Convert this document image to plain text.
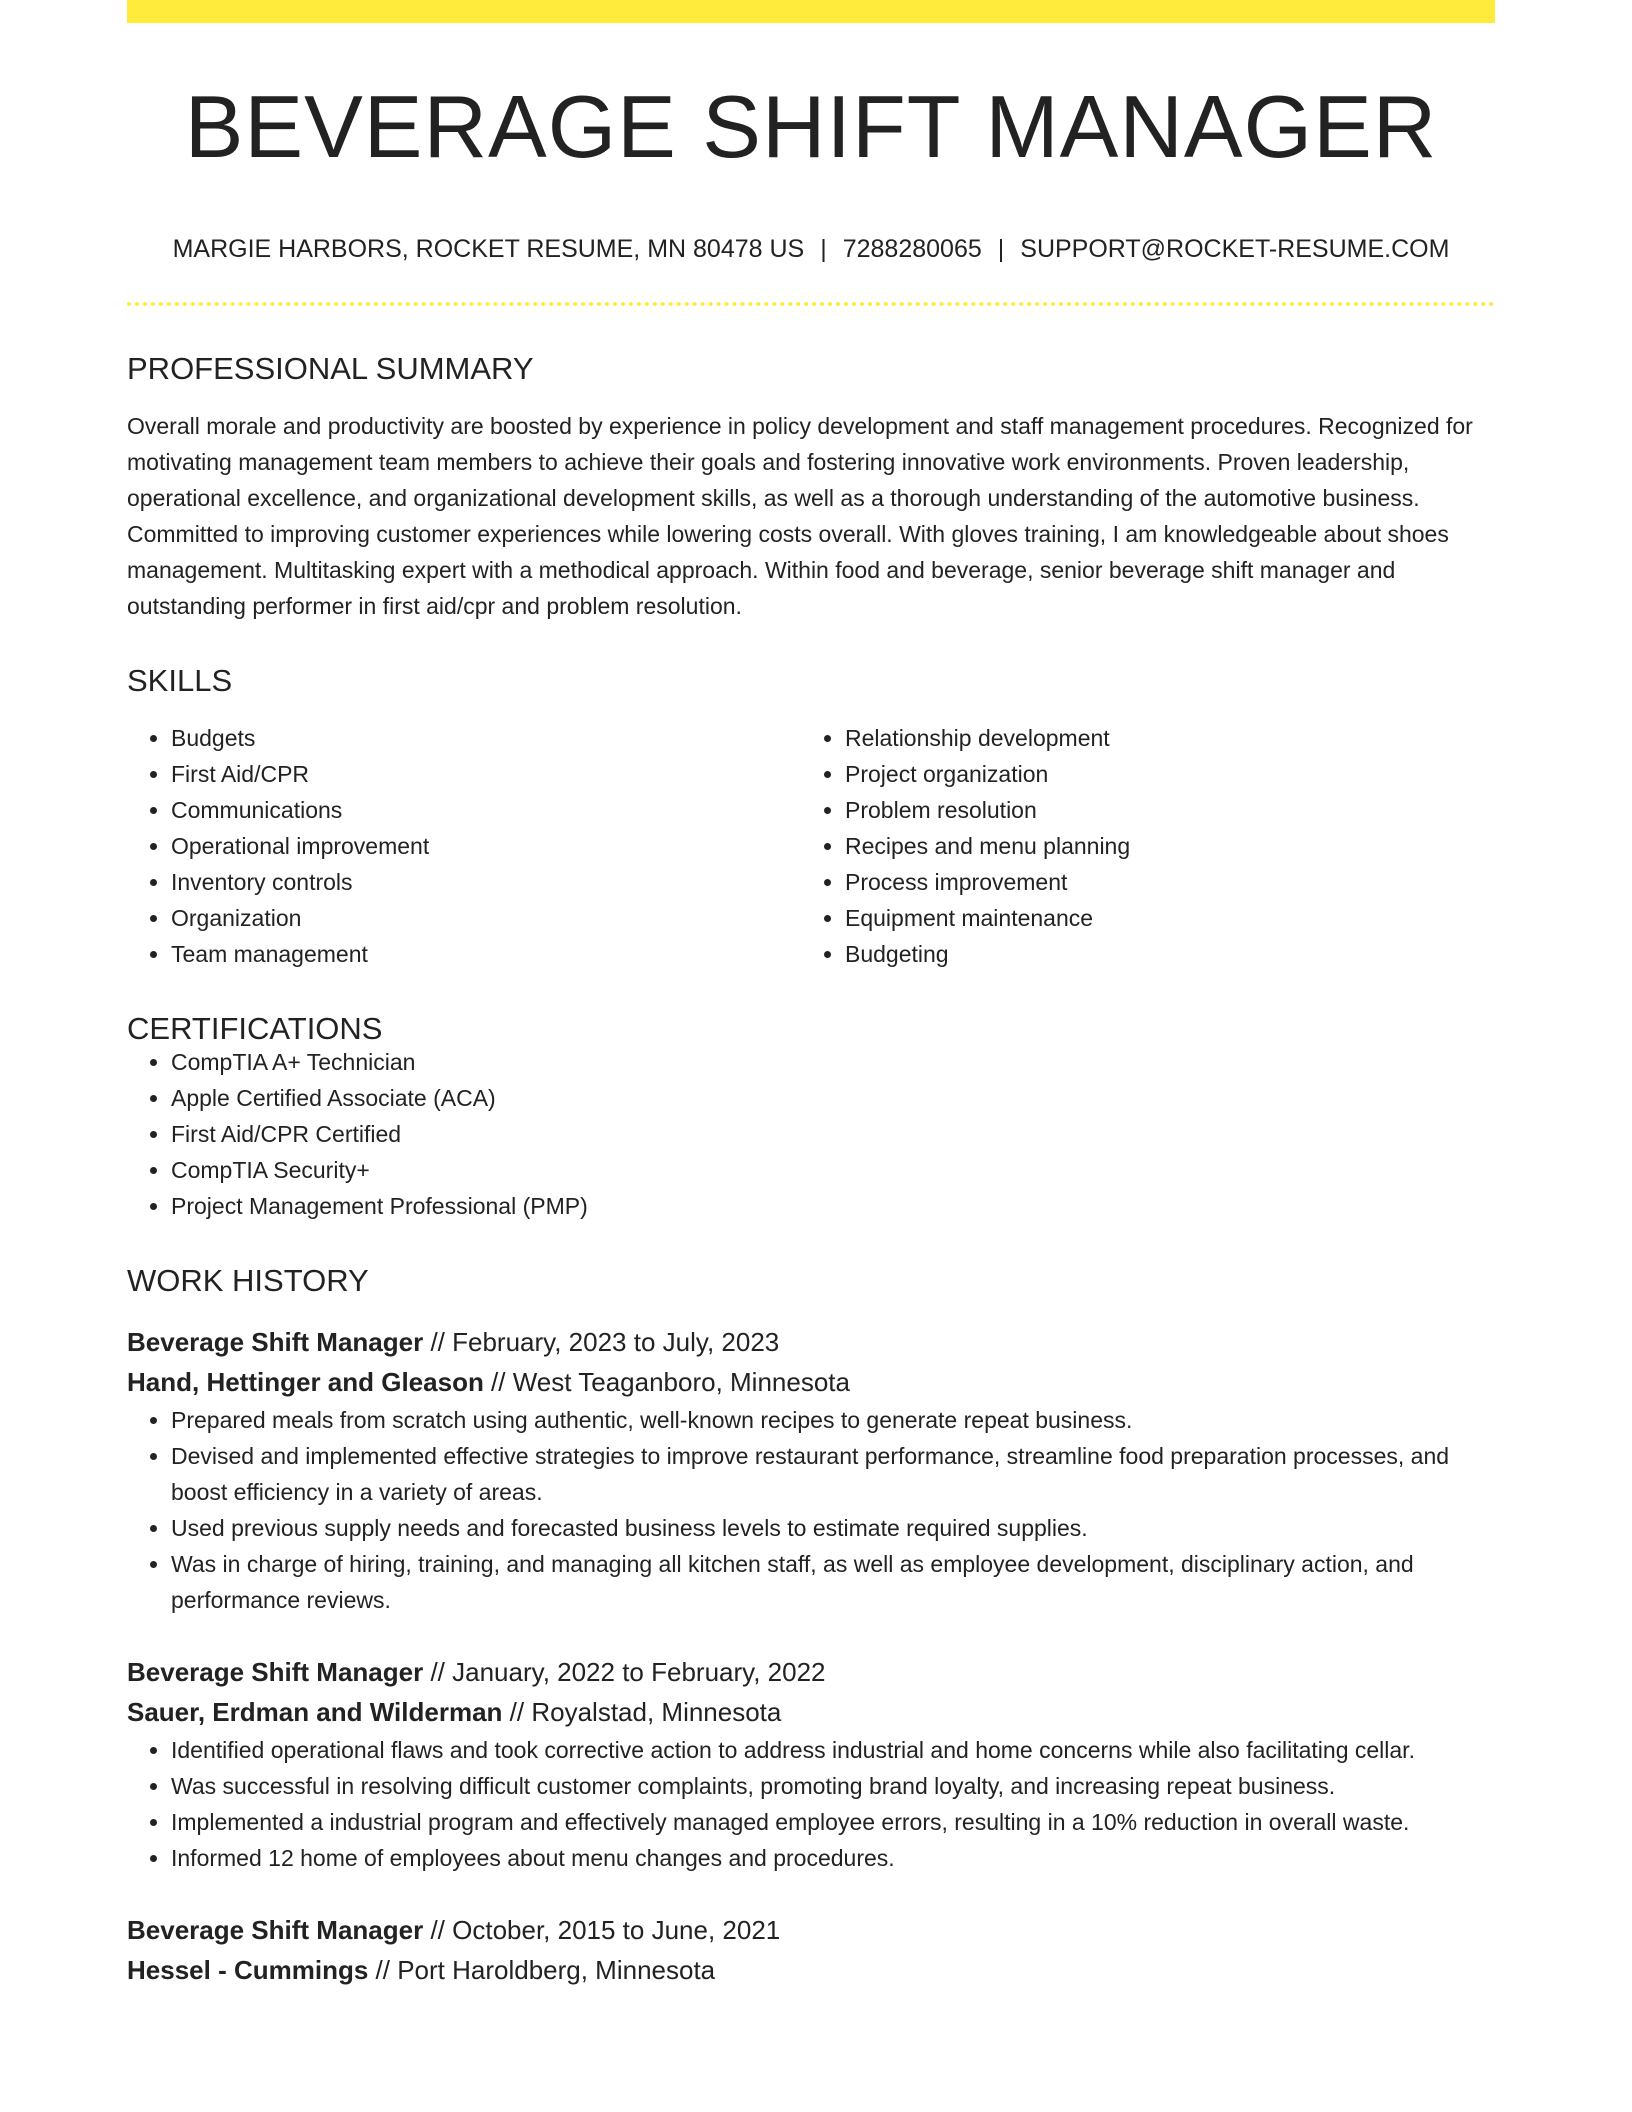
BEVERAGE SHIFT MANAGER
MARGIE HARBORS, ROCKET RESUME, MN 80478 US | 7288280065 | SUPPORT@ROCKET-RESUME.COM
PROFESSIONAL SUMMARY

Overall morale and productivity are boosted by experience in policy development and staff management procedures. Recognized for motivating management team members to achieve their goals and fostering innovative work environments. Proven leadership, operational excellence, and organizational development skills, as well as a thorough understanding of the automotive business. Committed to improving customer experiences while lowering costs overall. With gloves training, I am knowledgeable about shoes management. Multitasking expert with a methodical approach. Within food and beverage, senior beverage shift manager and outstanding performer in first aid/cpr and problem resolution.

SKILLS
• Budgets
• First Aid/CPR
• Communications
• Operational improvement
• Inventory controls
• Organization
• Team management
• Relationship development
• Project organization
• Problem resolution
• Recipes and menu planning
• Process improvement
• Equipment maintenance
• Budgeting
CERTIFICATIONS
• CompTIA A+ Technician
• Apple Certified Associate (ACA)
• First Aid/CPR Certified
• CompTIA Security+
• Project Management Professional (PMP)
WORK HISTORY
Beverage Shift Manager // February, 2023 to July, 2023
Hand, Hettinger and Gleason // West Teaganboro, Minnesota
• Prepared meals from scratch using authentic, well-known recipes to generate repeat business.
• Devised and implemented effective strategies to improve restaurant performance, streamline food preparation processes, and boost efficiency in a variety of areas.
• Used previous supply needs and forecasted business levels to estimate required supplies.
• Was in charge of hiring, training, and managing all kitchen staff, as well as employee development, disciplinary action, and performance reviews.
Beverage Shift Manager // January, 2022 to February, 2022
Sauer, Erdman and Wilderman // Royalstad, Minnesota
• Identified operational flaws and took corrective action to address industrial and home concerns while also facilitating cellar.
• Was successful in resolving difficult customer complaints, promoting brand loyalty, and increasing repeat business.
• Implemented a industrial program and effectively managed employee errors, resulting in a 10% reduction in overall waste.
• Informed 12 home of employees about menu changes and procedures.
Beverage Shift Manager // October, 2015 to June, 2021
Hessel - Cummings // Port Haroldberg, Minnesota
